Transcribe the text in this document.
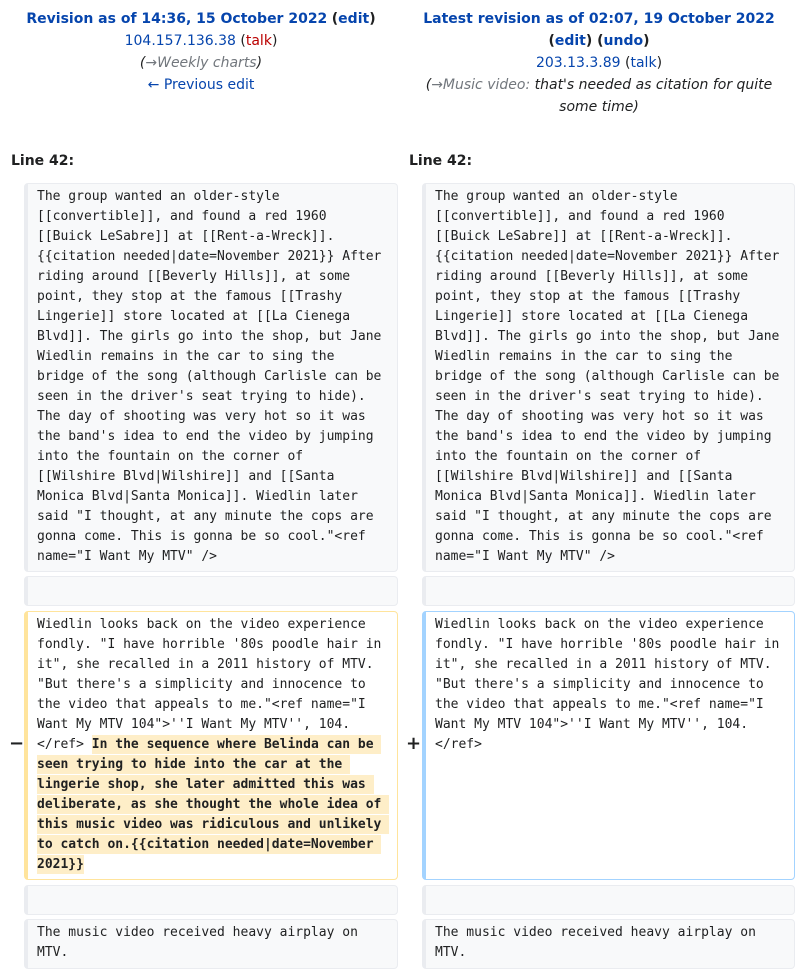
Revision as of 14:36, 15 October 2022 (edit)
104.157.136.38 (talk)
(→Weekly charts)
← Previous edit
Latest revision as of 02:07, 19 October 2022
(edit) (undo)
203.13.3.89 (talk)
(→Music video: that's needed as citation for quite some time)
Line 42:	Line 42:
The group wanted an older-style [[convertible]], and found a red 1960 [[Buick LeSabre]] at [[Rent-a-Wreck]].{{citation needed|date=November 2021}} After riding around [[Beverly Hills]], at some point, they stop at the famous [[Trashy Lingerie]] store located at [[La Cienega Blvd]]. The girls go into the shop, but Jane Wiedlin remains in the car to sing the bridge of the song (although Carlisle can be seen in the driver's seat trying to hide). The day of shooting was very hot so it was the band's idea to end the video by jumping into the fountain on the corner of [[Wilshire Blvd|Wilshire]] and [[Santa Monica Blvd|Santa Monica]]. Wiedlin later said "I thought, at any minute the cops are gonna come. This is gonna be so cool."<ref name="I Want My MTV" />
The group wanted an older-style [[convertible]], and found a red 1960 [[Buick LeSabre]] at [[Rent-a-Wreck]].{{citation needed|date=November 2021}} After riding around [[Beverly Hills]], at some point, they stop at the famous [[Trashy Lingerie]] store located at [[La Cienega Blvd]]. The girls go into the shop, but Jane Wiedlin remains in the car to sing the bridge of the song (although Carlisle can be seen in the driver's seat trying to hide). The day of shooting was very hot so it was the band's idea to end the video by jumping into the fountain on the corner of [[Wilshire Blvd|Wilshire]] and [[Santa Monica Blvd|Santa Monica]]. Wiedlin later said "I thought, at any minute the cops are gonna come. This is gonna be so cool."<ref name="I Want My MTV" />
−
Wiedlin looks back on the video experience fondly. "I have horrible '80s poodle hair in it", she recalled in a 2011 history of MTV. "But there's a simplicity and innocence to the video that appeals to me."<ref name="I Want My MTV 104">''I Want My MTV'', 104.</ref> In the sequence where Belinda can be seen trying to hide into the car at the lingerie shop, she later admitted this was deliberate, as she thought the whole idea of this music video was ridiculous and unlikely to catch on.{{citation needed|date=November 2021}}
+
Wiedlin looks back on the video experience fondly. "I have horrible '80s poodle hair in it", she recalled in a 2011 history of MTV. "But there's a simplicity and innocence to the video that appeals to me."<ref name="I Want My MTV 104">''I Want My MTV'', 104.</ref>
The music video received heavy airplay on MTV.
The music video received heavy airplay on MTV.
